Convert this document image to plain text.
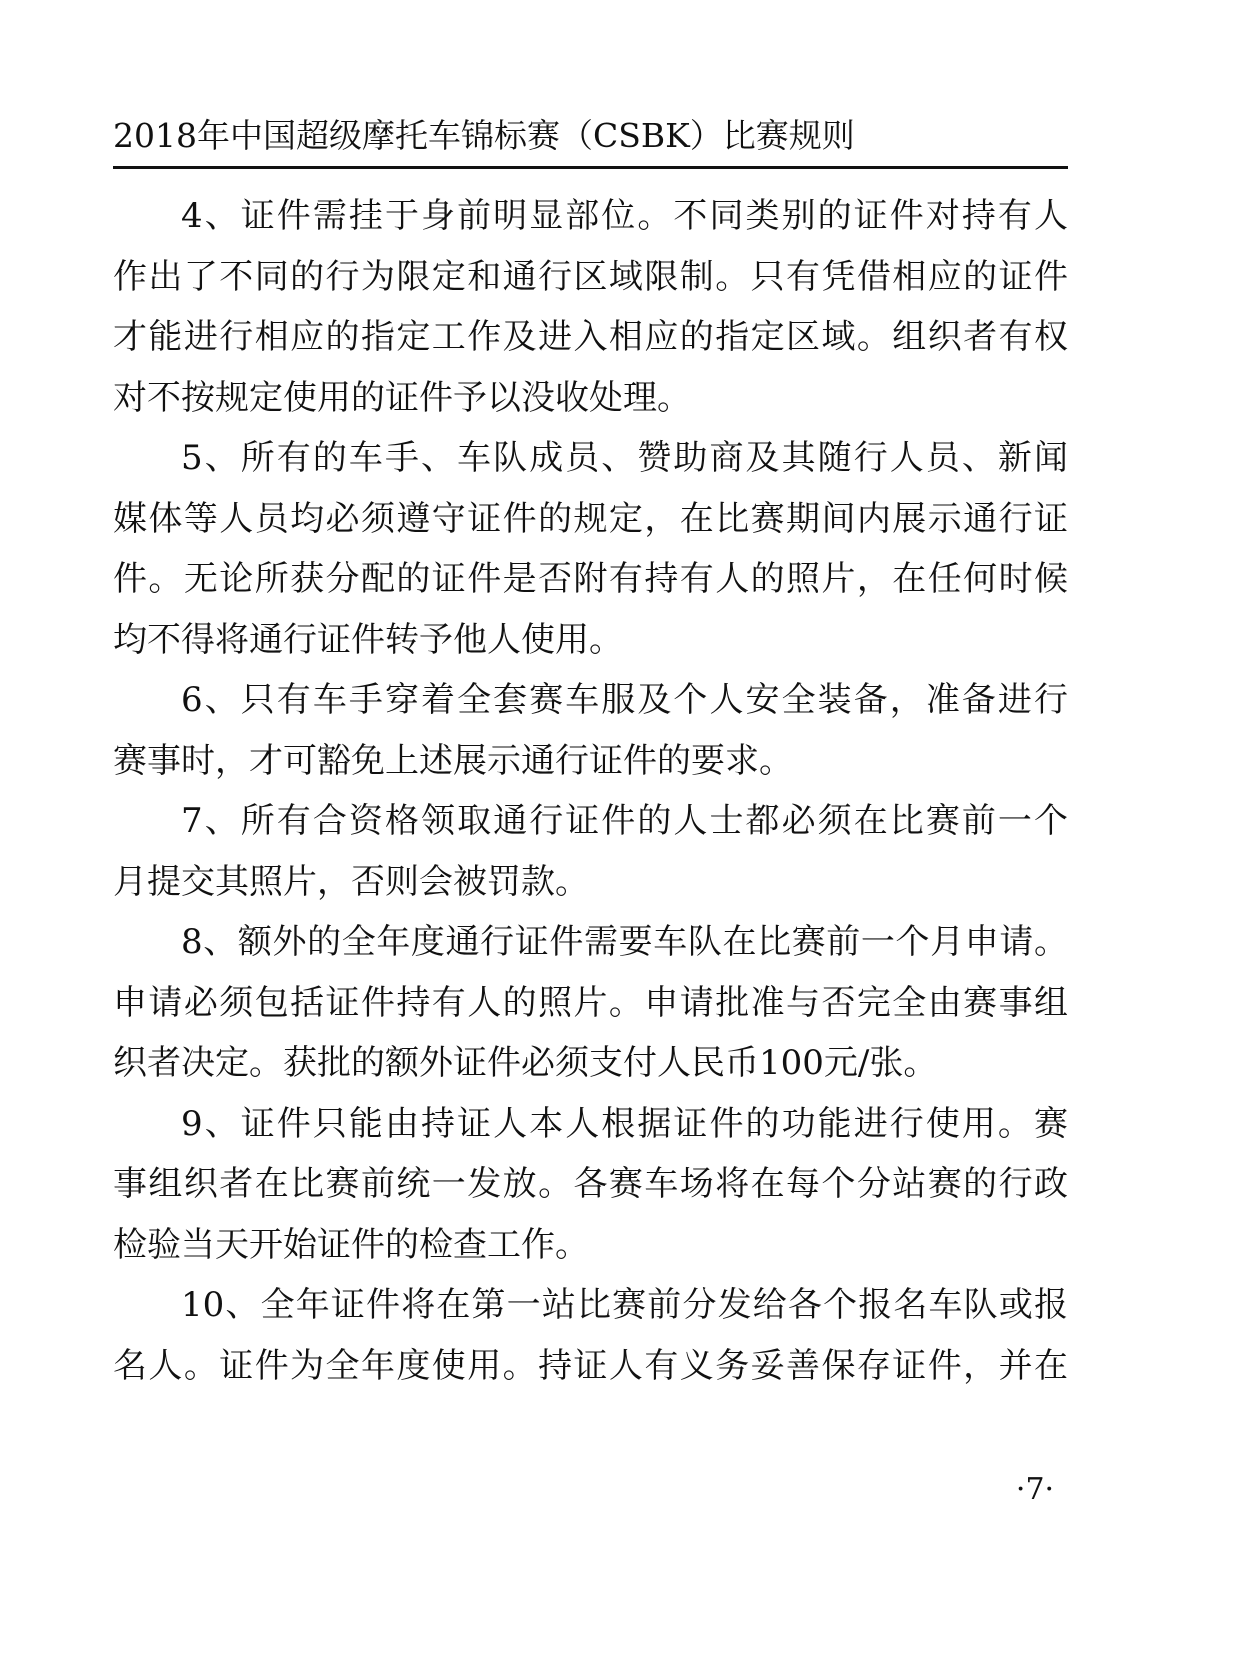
2018年中国超级摩托车锦标赛（CSBK）比赛规则
4、证件需挂于身前明显部位。不同类别的证件对持有人
作出了不同的行为限定和通行区域限制。只有凭借相应的证件
才能进行相应的指定工作及进入相应的指定区域。组织者有权
对不按规定使用的证件予以没收处理。
5、所有的车手、车队成员、赞助商及其随行人员、新闻
媒体等人员均必须遵守证件的规定，在比赛期间内展示通行证
件。无论所获分配的证件是否附有持有人的照片，在任何时候
均不得将通行证件转予他人使用。
6、只有车手穿着全套赛车服及个人安全装备，准备进行
赛事时，才可豁免上述展示通行证件的要求。
7、所有合资格领取通行证件的人士都必须在比赛前一个
月提交其照片，否则会被罚款。
8、额外的全年度通行证件需要车队在比赛前一个月申请。
申请必须包括证件持有人的照片。申请批准与否完全由赛事组
织者决定。获批的额外证件必须支付人民币100元/张。
9、证件只能由持证人本人根据证件的功能进行使用。赛
事组织者在比赛前统一发放。各赛车场将在每个分站赛的行政
检验当天开始证件的检查工作。
10、全年证件将在第一站比赛前分发给各个报名车队或报
名人。证件为全年度使用。持证人有义务妥善保存证件，并在
·7·
